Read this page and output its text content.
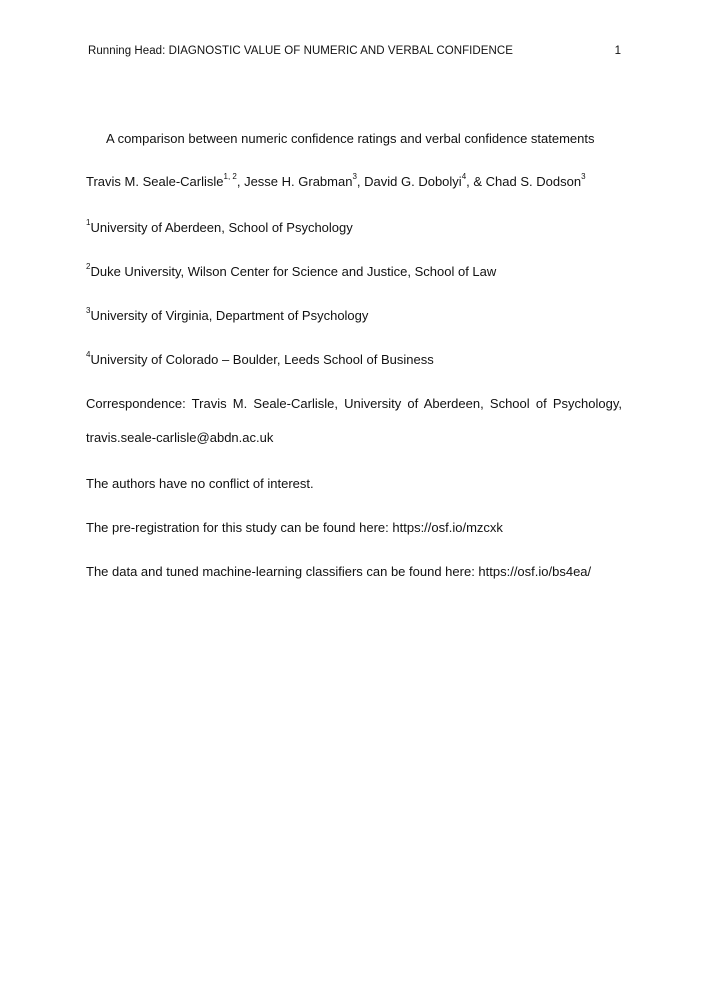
Running Head: DIAGNOSTIC VALUE OF NUMERIC AND VERBAL CONFIDENCE	1
A comparison between numeric confidence ratings and verbal confidence statements
Travis M. Seale-Carlisle$^{1, 2}$, Jesse H. Grabman$^3$, David G. Dobolyi$^4$, & Chad S. Dodson$^3$
$^1$University of Aberdeen, School of Psychology
$^2$Duke University, Wilson Center for Science and Justice, School of Law
$^3$University of Virginia, Department of Psychology
$^4$University of Colorado – Boulder, Leeds School of Business
Correspondence: Travis M. Seale-Carlisle, University of Aberdeen, School of Psychology,
travis.seale-carlisle@abdn.ac.uk
The authors have no conflict of interest.
The pre-registration for this study can be found here: https://osf.io/mzcxk
The data and tuned machine-learning classifiers can be found here: https://osf.io/bs4ea/
